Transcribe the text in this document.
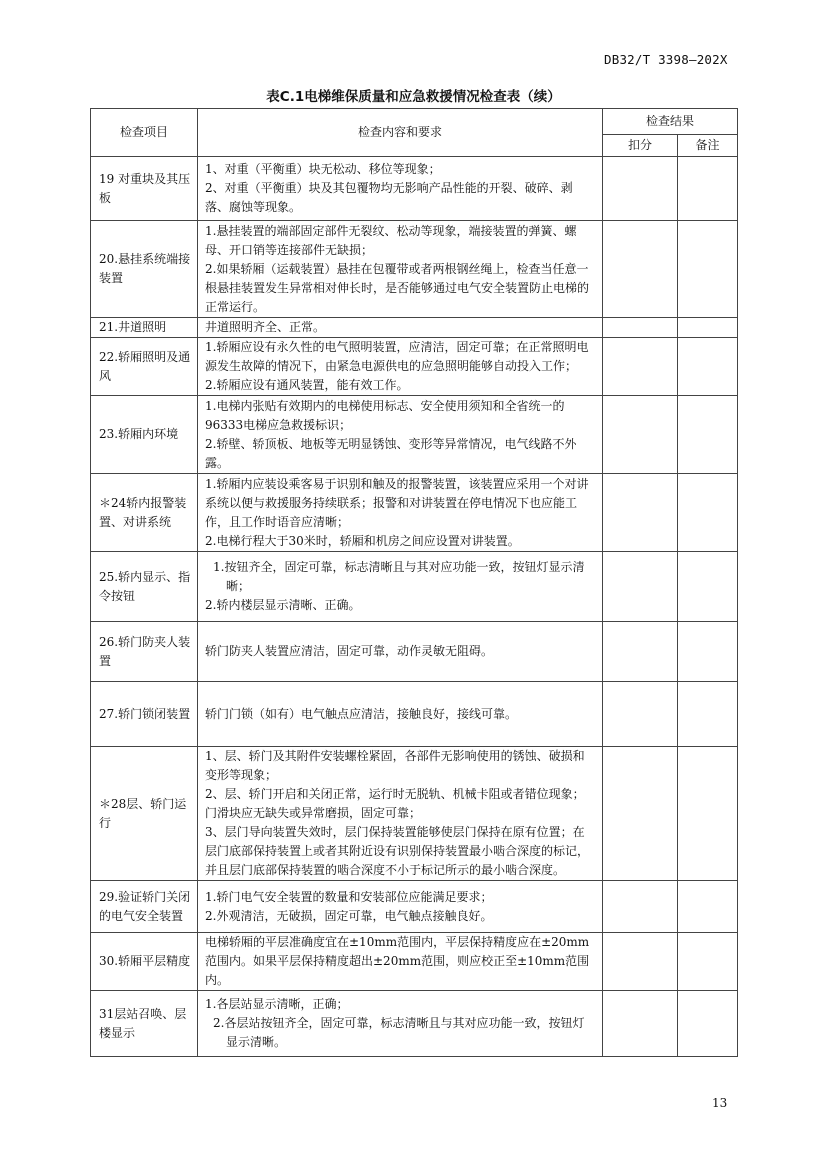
DB32/T 3398—202X
表C.1电梯维保质量和应急救援情况检查表（续）
检查项目	检查内容和要求	检查结果	
		扣分	备注
19 对重块及其压板	1、对重（平衡重）块无松动、移位等现象；
2、对重（平衡重）块及其包覆物均无影响产品性能的开裂、破碎、剥落、腐蚀等现象。		

20.悬挂系统端接装置	1.悬挂装置的端部固定部件无裂纹、松动等现象，端接装置的弹簧、螺母、开口销等连接部件无缺损；
2.如果轿厢（运载装置）悬挂在包覆带或者两根钢丝绳上，检查当任意一根悬挂装置发生异常相对伸长时，是否能够通过电气安全装置防止电梯的正常运行。		

21.井道照明	井道照明齐全、正常。		

22.轿厢照明及通风	1.轿厢应设有永久性的电气照明装置，应清洁，固定可靠；在正常照明电源发生故障的情况下，由紧急电源供电的应急照明能够自动投入工作；
2.轿厢应设有通风装置，能有效工作。		

23.轿厢内环境	1.电梯内张贴有效期内的电梯使用标志、安全使用须知和全省统一的96333电梯应急救援标识；
2.轿壁、轿顶板、地板等无明显锈蚀、变形等异常情况，电气线路不外露。		

＊24轿内报警装置、对讲系统	1.轿厢内应装设乘客易于识别和触及的报警装置，该装置应采用一个对讲系统以便与救援服务持续联系；报警和对讲装置在停电情况下也应能工作，且工作时语音应清晰；
2.电梯行程大于30米时，轿厢和机房之间应设置对讲装置。		

25.轿内显示、指令按钮	1.按钮齐全，固定可靠，标志清晰且与其对应功能一致，按钮灯显示清晰；
2.轿内楼层显示清晰、正确。		

26.轿门防夹人装置	轿门防夹人装置应清洁，固定可靠，动作灵敏无阻碍。		

27.轿门锁闭装置	轿门门锁（如有）电气触点应清洁，接触良好，接线可靠。		

＊28层、轿门运行	1、层、轿门及其附件安装螺栓紧固，各部件无影响使用的锈蚀、破损和变形等现象；
2、层、轿门开启和关闭正常，运行时无脱轨、机械卡阻或者错位现象；门滑块应无缺失或异常磨损，固定可靠；
3、层门导向装置失效时，层门保持装置能够使层门保持在原有位置；在层门底部保持装置上或者其附近设有识别保持装置最小啮合深度的标记，并且层门底部保持装置的啮合深度不小于标记所示的最小啮合深度。		

29.验证轿门关闭的电气安全装置	1.轿门电气安全装置的数量和安装部位应能满足要求；
2.外观清洁，无破损，固定可靠，电气触点接触良好。		

30.轿厢平层精度	电梯轿厢的平层准确度宜在±10mm范围内，平层保持精度应在±20mm范围内。如果平层保持精度超出±20mm范围，则应校正至±10mm范围内。		

31层站召唤、层楼显示	1.各层站显示清晰，正确；
2.各层站按钮齐全，固定可靠，标志清晰且与其对应功能一致，按钮灯显示清晰。		

13
